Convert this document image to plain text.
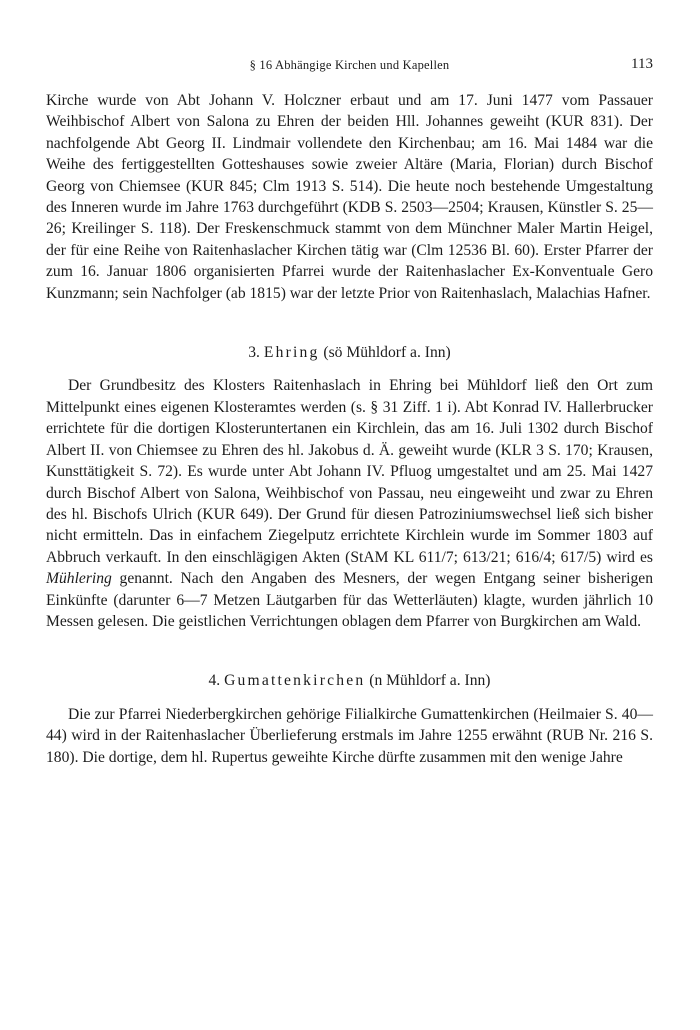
§ 16 Abhängige Kirchen und Kapellen	113

Kirche wurde von Abt Johann V. Holczner erbaut und am 17. Juni 1477 vom Passauer Weihbischof Albert von Salona zu Ehren der beiden Hll. Johannes geweiht (KUR 831). Der nachfolgende Abt Georg II. Lindmair vollendete den Kirchenbau; am 16. Mai 1484 war die Weihe des fertiggestellten Gotteshauses sowie zweier Altäre (Maria, Florian) durch Bischof Georg von Chiemsee (KUR 845; Clm 1913 S. 514). Die heute noch bestehende Umgestaltung des Inneren wurde im Jahre 1763 durchgeführt (KDB S. 2503—2504; Krausen, Künstler S. 25—26; Kreilinger S. 118). Der Freskenschmuck stammt von dem Münchner Maler Martin Heigel, der für eine Reihe von Raitenhaslacher Kirchen tätig war (Clm 12536 Bl. 60). Erster Pfarrer der zum 16. Januar 1806 organisierten Pfarrei wurde der Raitenhaslacher Ex-Konventuale Gero Kunzmann; sein Nachfolger (ab 1815) war der letzte Prior von Raitenhaslach, Malachias Hafner.

3. Ehring (sö Mühldorf a. Inn)

Der Grundbesitz des Klosters Raitenhaslach in Ehring bei Mühldorf ließ den Ort zum Mittelpunkt eines eigenen Klosteramtes werden (s. § 31 Ziff. 1 i). Abt Konrad IV. Hallerbrucker errichtete für die dortigen Klosteruntertanen ein Kirchlein, das am 16. Juli 1302 durch Bischof Albert II. von Chiemsee zu Ehren des hl. Jakobus d. Ä. geweiht wurde (KLR 3 S. 170; Krausen, Kunsttätigkeit S. 72). Es wurde unter Abt Johann IV. Pfluog umgestaltet und am 25. Mai 1427 durch Bischof Albert von Salona, Weihbischof von Passau, neu eingeweiht und zwar zu Ehren des hl. Bischofs Ulrich (KUR 649). Der Grund für diesen Patroziniumswechsel ließ sich bisher nicht ermitteln. Das in einfachem Ziegelputz errichtete Kirchlein wurde im Sommer 1803 auf Abbruch verkauft. In den einschlägigen Akten (StAM KL 611/7; 613/21; 616/4; 617/5) wird es Mühlering genannt. Nach den Angaben des Mesners, der wegen Entgang seiner bisherigen Einkünfte (darunter 6—7 Metzen Läutgarben für das Wetterläuten) klagte, wurden jährlich 10 Messen gelesen. Die geistlichen Verrichtungen oblagen dem Pfarrer von Burgkirchen am Wald.

4. Gumattenkirchen (n Mühldorf a. Inn)

Die zur Pfarrei Niederbergkirchen gehörige Filialkirche Gumattenkirchen (Heilmaier S. 40—44) wird in der Raitenhaslacher Überlieferung erstmals im Jahre 1255 erwähnt (RUB Nr. 216 S. 180). Die dortige, dem hl. Rupertus geweihte Kirche dürfte zusammen mit den wenige Jahre
